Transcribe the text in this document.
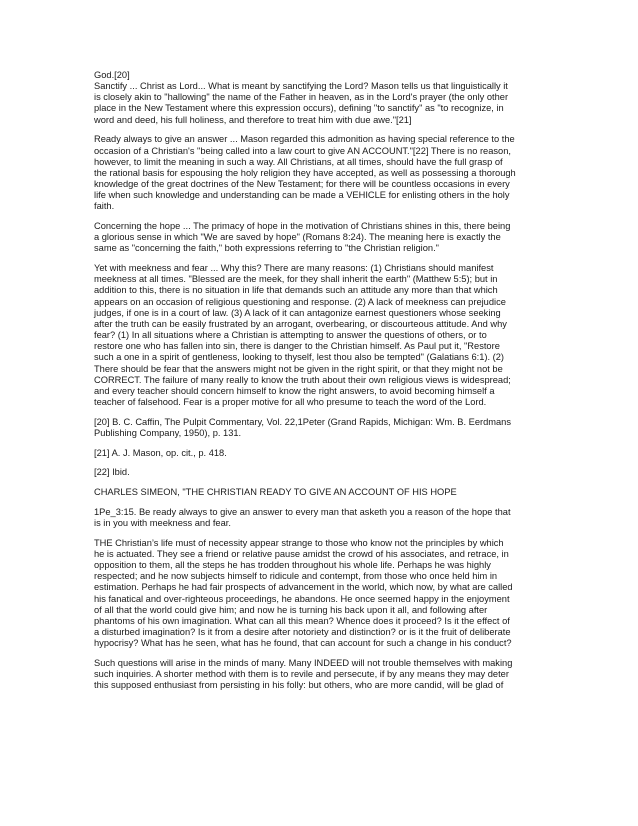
God.[20]
Sanctify ... Christ as Lord... What is meant by sanctifying the Lord? Mason tells us that linguistically it
is closely akin to "hallowing" the name of the Father in heaven, as in the Lord's prayer (the only other
place in the New Testament where this expression occurs), defining "to sanctify" as "to recognize, in
word and deed, his full holiness, and therefore to treat him with due awe."[21]

Ready always to give an answer ... Mason regarded this admonition as having special reference to the
occasion of a Christian's "being called into a law court to give AN ACCOUNT."[22] There is no reason,
however, to limit the meaning in such a way. All Christians, at all times, should have the full grasp of
the rational basis for espousing the holy religion they have accepted, as well as possessing a thorough
knowledge of the great doctrines of the New Testament; for there will be countless occasions in every
life when such knowledge and understanding can be made a VEHICLE for enlisting others in the holy
faith.

Concerning the hope ... The primacy of hope in the motivation of Christians shines in this, there being
a glorious sense in which "We are saved by hope" (Romans 8:24). The meaning here is exactly the
same as "concerning the faith," both expressions referring to "the Christian religion."

Yet with meekness and fear ... Why this? There are many reasons: (1) Christians should manifest
meekness at all times. "Blessed are the meek, for they shall inherit the earth" (Matthew 5:5); but in
addition to this, there is no situation in life that demands such an attitude any more than that which
appears on an occasion of religious questioning and response. (2) A lack of meekness can prejudice
judges, if one is in a court of law. (3) A lack of it can antagonize earnest questioners whose seeking
after the truth can be easily frustrated by an arrogant, overbearing, or discourteous attitude. And why
fear? (1) In all situations where a Christian is attempting to answer the questions of others, or to
restore one who has fallen into sin, there is danger to the Christian himself. As Paul put it, "Restore
such a one in a spirit of gentleness, looking to thyself, lest thou also be tempted" (Galatians 6:1). (2)
There should be fear that the answers might not be given in the right spirit, or that they might not be
CORRECT. The failure of many really to know the truth about their own religious views is widespread;
and every teacher should concern himself to know the right answers, to avoid becoming himself a
teacher of falsehood. Fear is a proper motive for all who presume to teach the word of the Lord.

[20] B. C. Caffin, The Pulpit Commentary, Vol. 22,1Peter (Grand Rapids, Michigan: Wm. B. Eerdmans
Publishing Company, 1950), p. 131.

[21] A. J. Mason, op. cit., p. 418.

[22] Ibid.

CHARLES SIMEON, "THE CHRISTIAN READY TO GIVE AN ACCOUNT OF HIS HOPE

1Pe_3:15. Be ready always to give an answer to every man that asketh you a reason of the hope that
is in you with meekness and fear.

THE Christian’s life must of necessity appear strange to those who know not the principles by which
he is actuated. They see a friend or relative pause amidst the crowd of his associates, and retrace, in
opposition to them, all the steps he has trodden throughout his whole life. Perhaps he was highly
respected; and he now subjects himself to ridicule and contempt, from those who once held him in
estimation. Perhaps he had fair prospects of advancement in the world, which now, by what are called
his fanatical and over-righteous proceedings, he abandons. He once seemed happy in the enjoyment
of all that the world could give him; and now he is turning his back upon it all, and following after
phantoms of his own imagination. What can all this mean? Whence does it proceed? Is it the effect of
a disturbed imagination? Is it from a desire after notoriety and distinction? or is it the fruit of deliberate
hypocrisy? What has he seen, what has he found, that can account for such a change in his conduct?

Such questions will arise in the minds of many. Many INDEED will not trouble themselves with making
such inquiries. A shorter method with them is to revile and persecute, if by any means they may deter
this supposed enthusiast from persisting in his folly: but others, who are more candid, will be glad of
